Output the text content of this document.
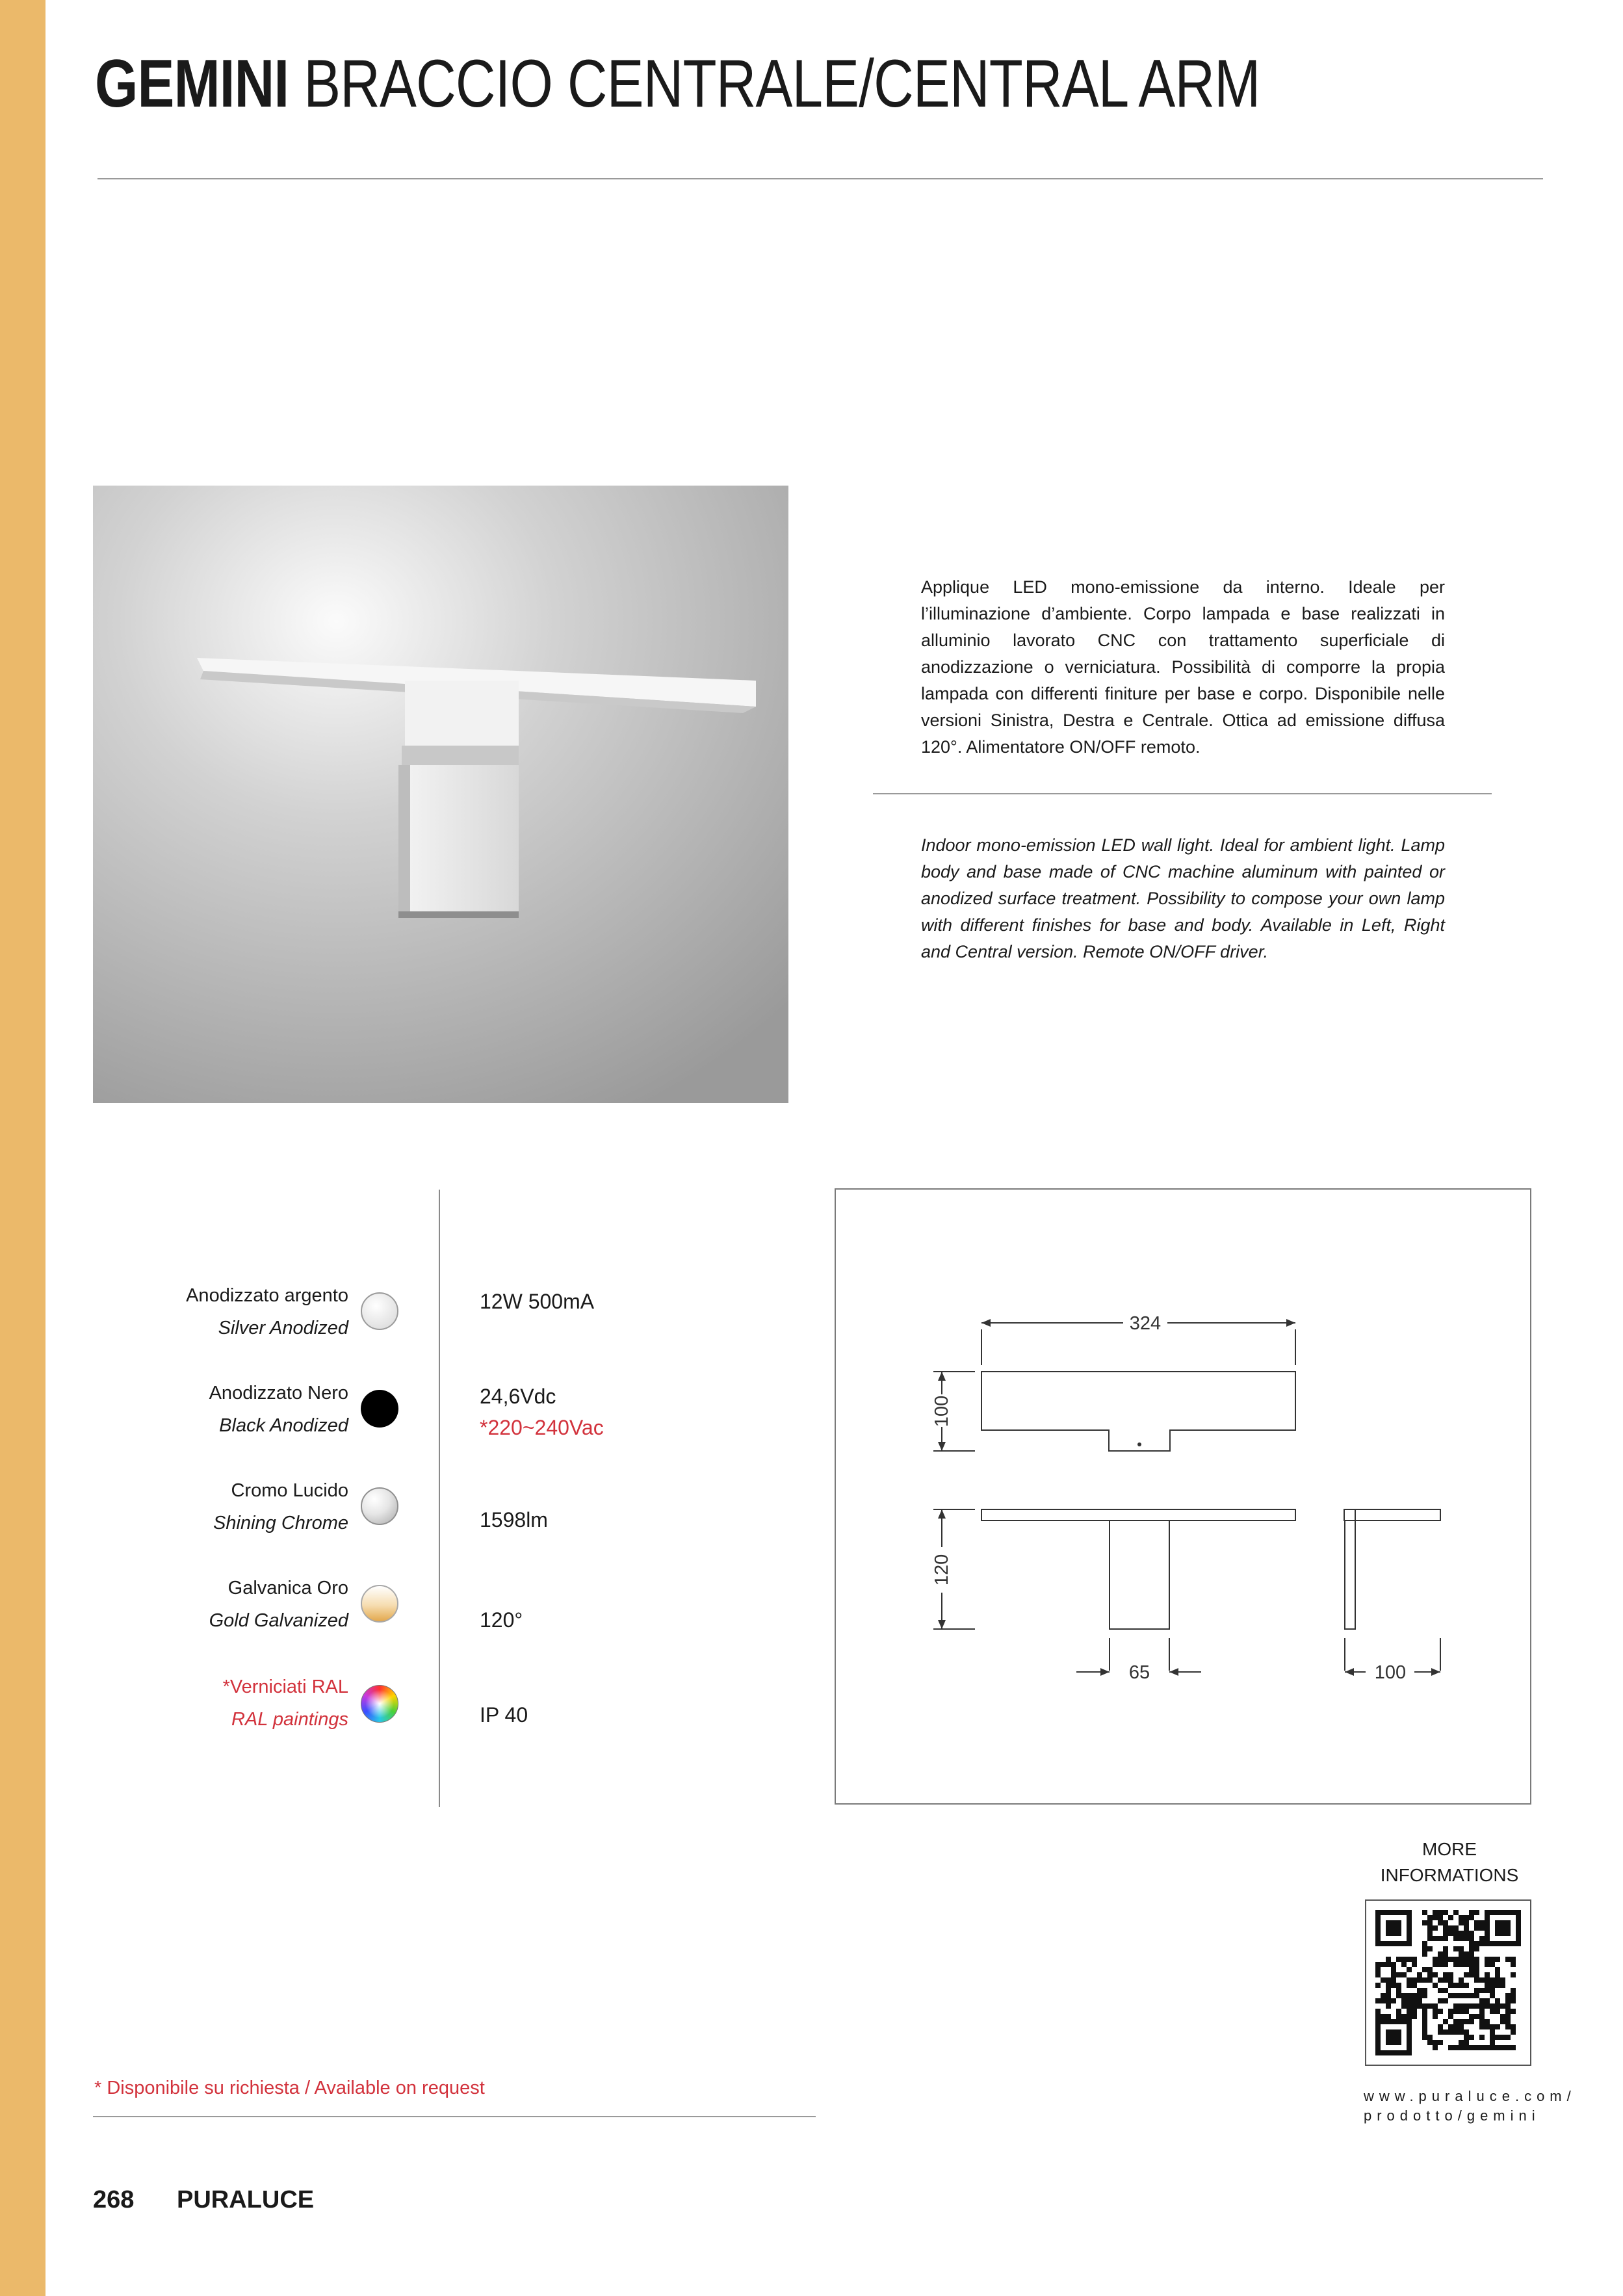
GEMINI BRACCIO CENTRALE/CENTRAL ARM
Applique LED mono-emissione da interno. Ideale per l’illuminazione d’ambiente. Corpo lampada e base realizzati in alluminio lavorato CNC con trattamento superficiale di anodizzazione o verniciatura. Possibilità di comporre la propia lampada con differenti finiture per base e corpo. Disponibile nelle versioni Sinistra, Destra e Centrale. Ottica ad emissione diffusa 120°. Alimentatore ON/OFF remoto.
Indoor mono-emission LED wall light. Ideal for ambient light. Lamp body and base made of CNC machine aluminum with painted or anodized surface treatment. Possibility to compose your own lamp with different finishes for base and body. Available in Left, Right and Central version. Remote ON/OFF driver.
Anodizzato argento
Silver Anodized
Anodizzato Nero
Black Anodized
Cromo Lucido
Shining Chrome
Galvanica Oro
Gold Galvanized
*Verniciati RAL
RAL paintings
12W 500mA
24,6Vdc
*220~240Vac
1598lm
120°
IP 40
324
100
120
65	100
MORE
INFORMATIONS
www.puraluce.com/
prodotto/gemini
* Disponibile su richiesta / Available on request
268 PURALUCE
